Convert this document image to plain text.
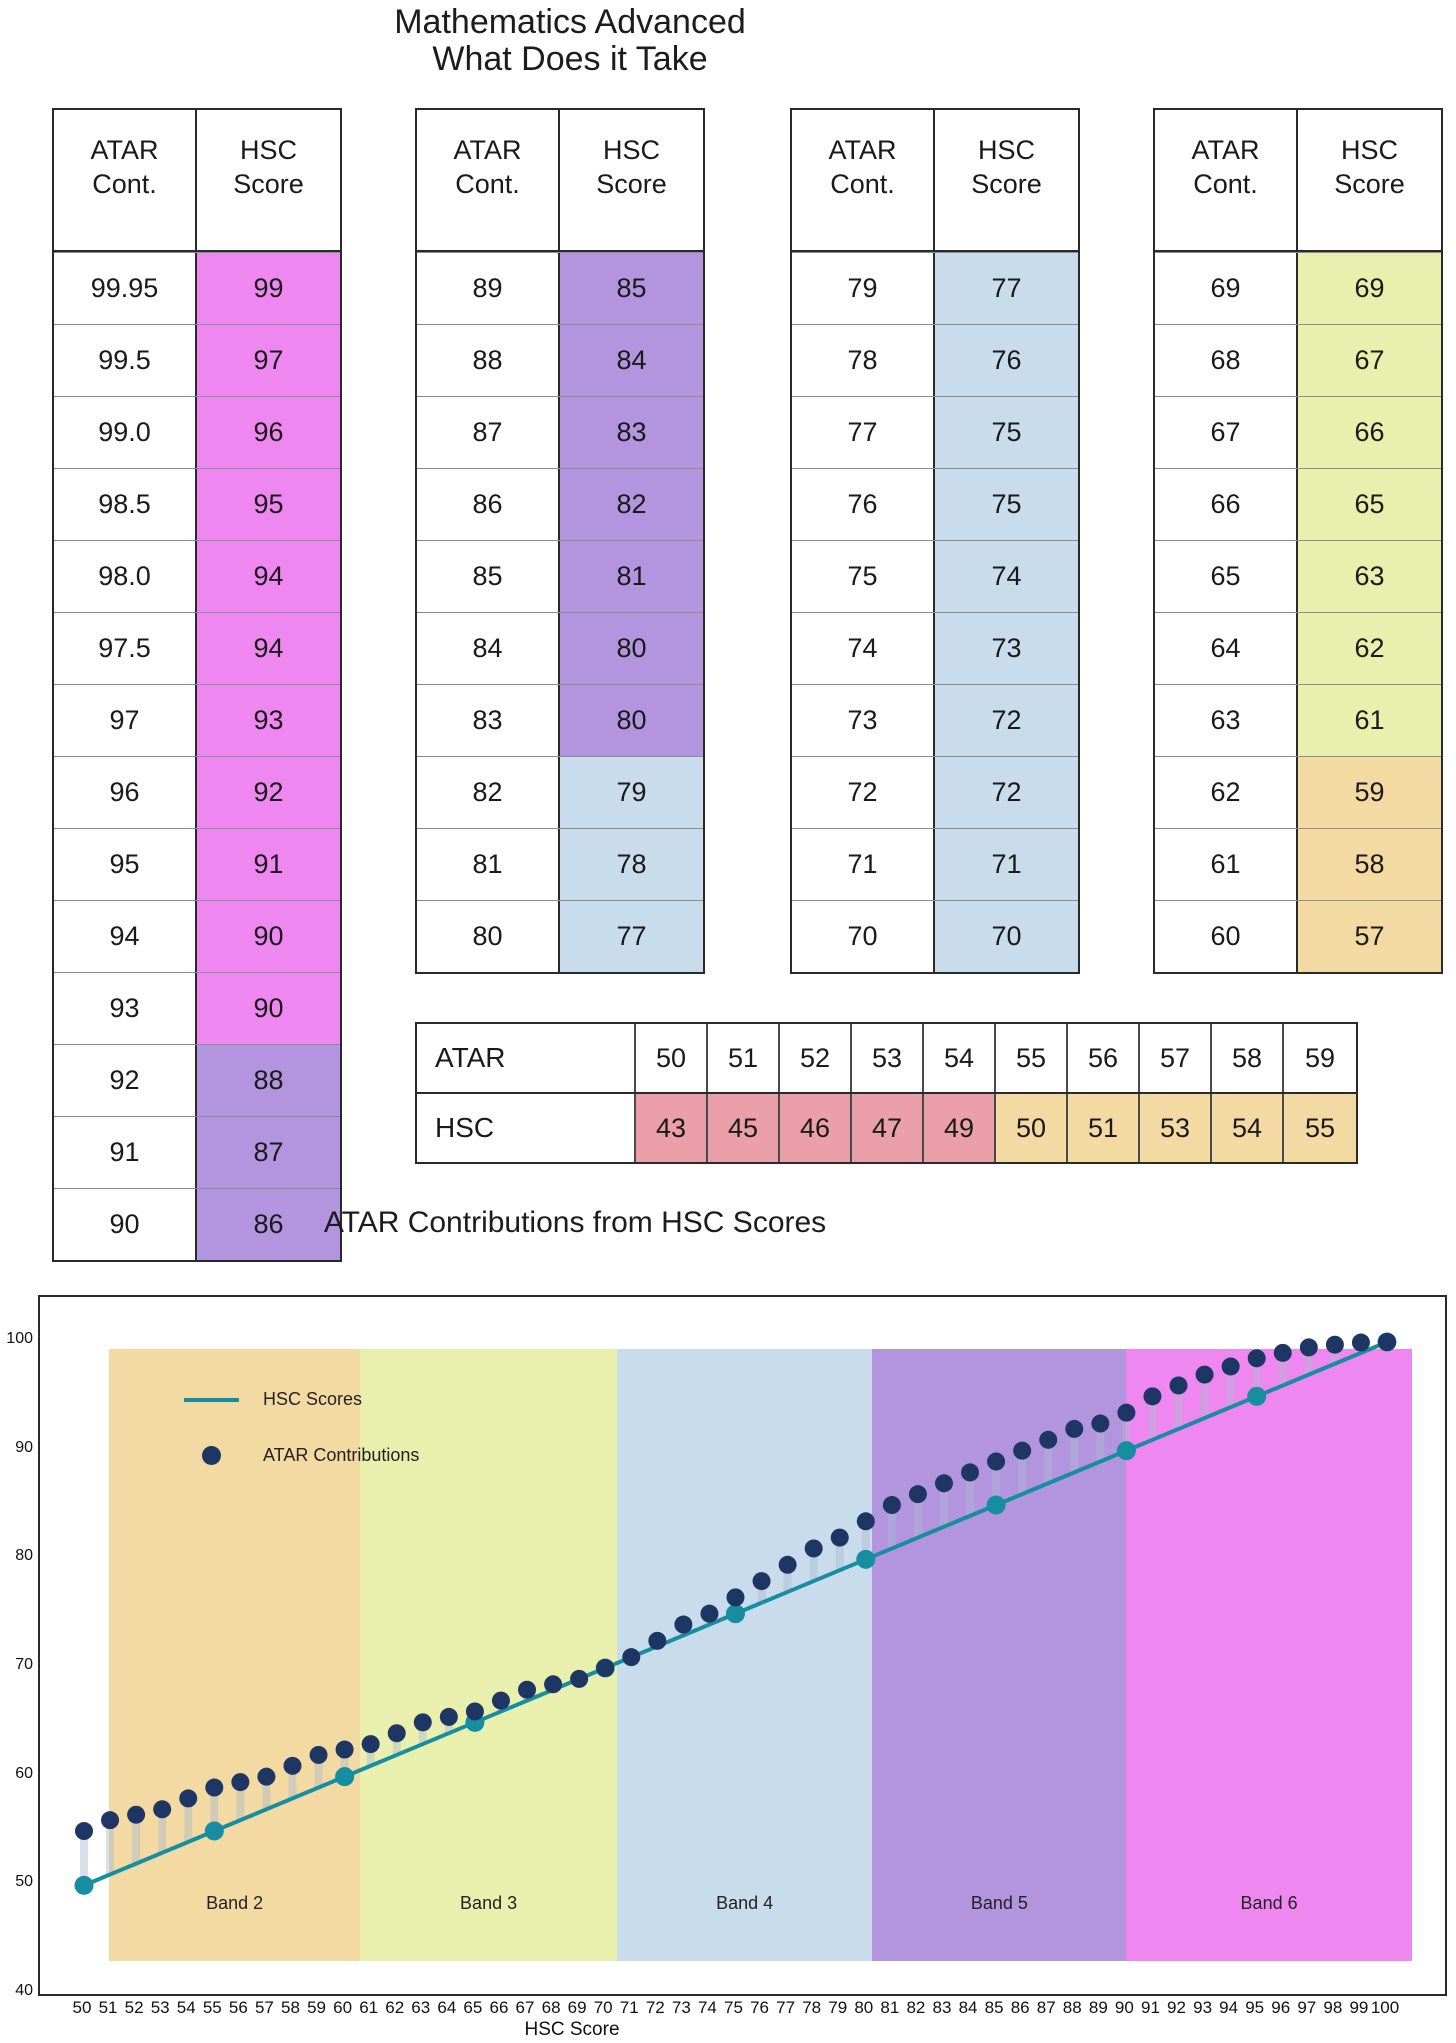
Mathematics Advanced
What Does it Take
ATAR
Cont.
HSC
Score
99.95	99
99.5	97
99.0	96
98.5	95
98.0	94
97.5	94
97	93
96	92
95	91
94	90
93	90
92	88
91	87
90	86
ATAR
Cont.
HSC
Score
89	85
88	84
87	83
86	82
85	81
84	80
83	80
82	79
81	78
80	77
ATAR
Cont.
HSC
Score
79	77
78	76
77	75
76	75
75	74
74	73
73	72
72	72
71	71
70	70
ATAR
Cont.
HSC
Score
69	69
68	67
67	66
66	65
65	63
64	62
63	61
62	59
61	58
60	57
ATAR	50	51	52	53	54	55	56	57	58	59
HSC	43	45	46	47	49	50	51	53	54	55
ATAR Contributions from HSC Scores
Band 2	Band 3	Band 4	Band 5	Band 6
HSC Scores
ATAR Contributions
40
50
60
70
80
90
100
50 51 52 53 54 55 56 57 58 59 60 61 62 63 64 65 66 67 68 69 70 71 72 73 74 75 76 77 78 79 80 81 82 83 84 85 86 87 88 89 90 91 92 93 94 95 96 97 98 99 100
HSC Score
